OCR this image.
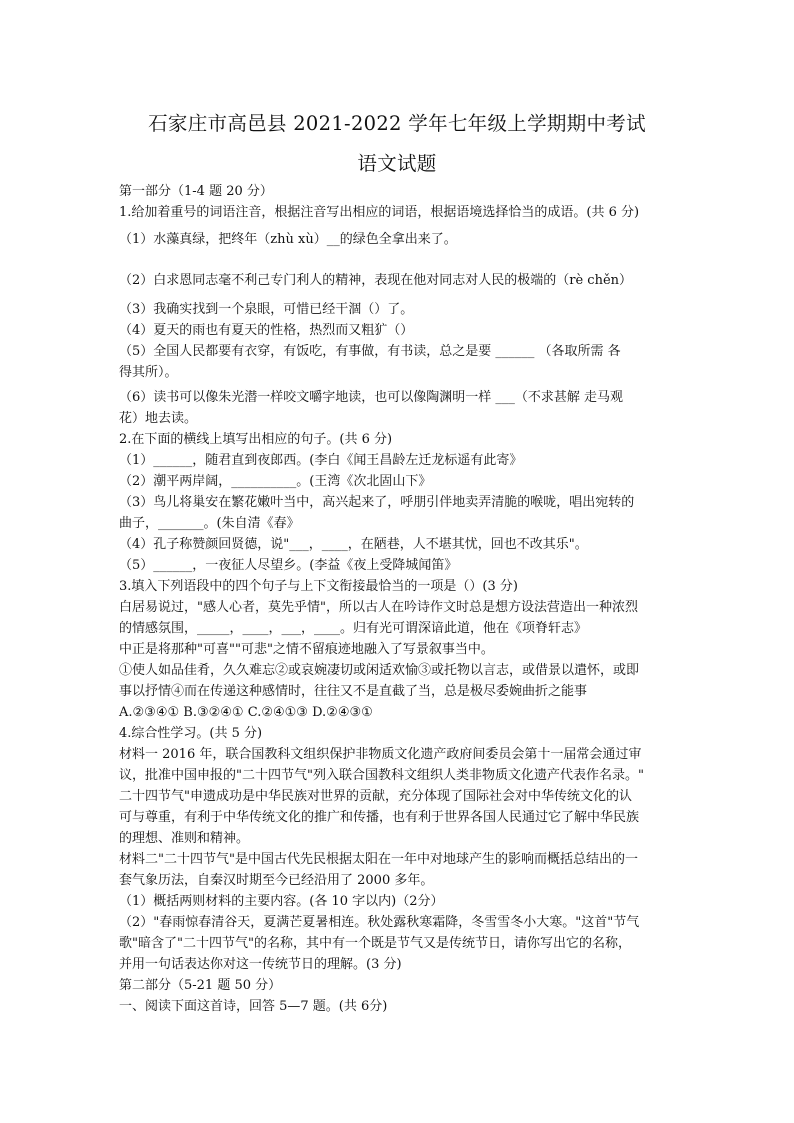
石家庄市高邑县 2021-2022 学年七年级上学期期中考试
语文试题
第一部分（1-4 题 20 分）
1.给加着重号的词语注音，根据注音写出相应的词语，根据语境选择恰当的成语。(共 6 分)
（1）水藻真绿，把终年（zhù xù）__的绿色全拿出来了。
（2）白求恩同志毫不利己专门利人的精神，表现在他对同志对人民的极端的（rè chěn）
（3）我确实找到一个泉眼，可惜已经干涸（）了。
（4）夏天的雨也有夏天的性格，热烈而又粗犷（）
（5）全国人民都要有衣穿，有饭吃，有事做，有书读，总之是要 ______ （各取所需 各
得其所）。
（6）读书可以像朱光潜一样咬文嚼字地读，也可以像陶渊明一样 ___（不求甚解 走马观
花）地去读。
2.在下面的横线上填写出相应的句子。(共 6 分)
（1）______，随君直到夜郎西。(李白《闻王昌龄左迁龙标遥有此寄》
（2）潮平两岸阔，__________。(王湾《次北固山下》
（3）鸟儿将巢安在繁花嫩叶当中，高兴起来了，呼朋引伴地卖弄清脆的喉咙，唱出宛转的
曲子，_______。(朱自清《春》
（4）孔子称赞颜回贤德，说"___，____，在陋巷，人不堪其忧，回也不改其乐"。
（5）______，一夜征人尽望乡。(李益《夜上受降城闻笛》
3.填入下列语段中的四个句子与上下文衔接最恰当的一项是（）(3 分)
白居易说过，"感人心者，莫先乎情"，所以古人在吟诗作文时总是想方设法营造出一种浓烈
的情感氛围，_____，____，___，____。归有光可谓深谙此道，他在《项脊轩志》
中正是将那种"可喜""可悲"之情不留痕迹地融入了写景叙事当中。
①使人如品佳肴，久久难忘②或哀婉凄切或闲适欢愉③或托物以言志，或借景以遣怀，或即
事以抒情④而在传递这种感情时，往往又不是直截了当，总是极尽委婉曲折之能事
A.②③④① B.③②④① C.②④①③ D.②④③①
4.综合性学习。(共 5 分)
材料一 2016 年，联合国教科文组织保护非物质文化遗产政府间委员会第十一届常会通过审
议，批准中国申报的"二十四节气"列入联合国教科文组织人类非物质文化遗产代表作名录。"
二十四节气"申遗成功是中华民族对世界的贡献，充分体现了国际社会对中华传统文化的认
可与尊重，有利于中华传统文化的推广和传播，也有利于世界各国人民通过它了解中华民族
的理想、准则和精神。
材料二"二十四节气"是中国古代先民根据太阳在一年中对地球产生的影响而概括总结出的一
套气象历法，自秦汉时期至今已经沿用了 2000 多年。
（1）概括两则材料的主要内容。(各 10 字以内)（2分）
（2）"春雨惊春清谷天，夏满芒夏暑相连。秋处露秋寒霜降，冬雪雪冬小大寒。"这首"节气
歌"暗含了"二十四节气"的名称，其中有一个既是节气又是传统节日，请你写出它的名称，
并用一句话表达你对这一传统节日的理解。(3 分)
第二部分（5-21 题 50 分）
一、阅读下面这首诗，回答 5—7 题。(共 6分)
